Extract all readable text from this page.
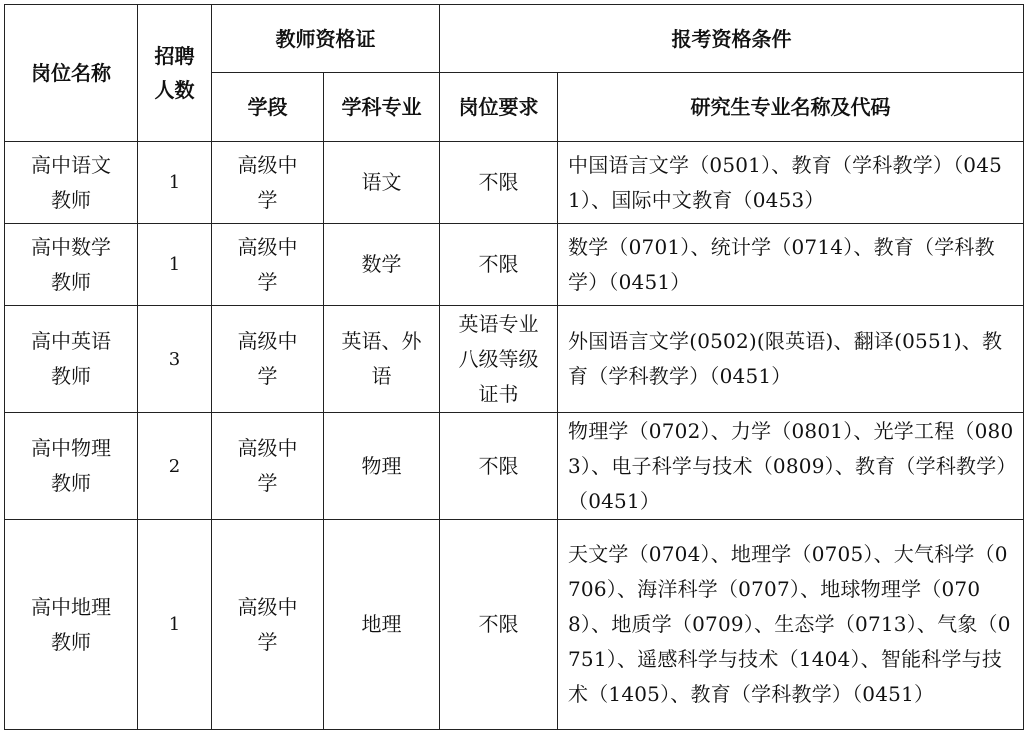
岗位名称	招聘人数	教师资格证		报考资格条件	
		学段	学科专业	岗位要求	研究生专业名称及代码
高中语文教师	1	高级中学	语文	不限	中国语言文学（0501）、教育（学科教学）（0451）、国际中文教育（0453）
高中数学教师	1	高级中学	数学	不限	数学（0701）、统计学（0714）、教育（学科教学）（0451）
高中英语教师	3	高级中学	英语、外语	英语专业八级等级证书	外国语言文学(0502)(限英语)、翻译(0551)、教育（学科教学）（0451）
高中物理教师	2	高级中学	物理	不限	物理学（0702）、力学（0801）、光学工程（0803）、电子科学与技术（0809）、教育（学科教学）（0451）
高中地理教师	1	高级中学	地理	不限	天文学（0704）、地理学（0705）、大气科学（0706）、海洋科学（0707）、地球物理学（0708）、地质学（0709）、生态学（0713）、气象（0751）、遥感科学与技术（1404）、智能科学与技术（1405）、教育（学科教学）（0451）
